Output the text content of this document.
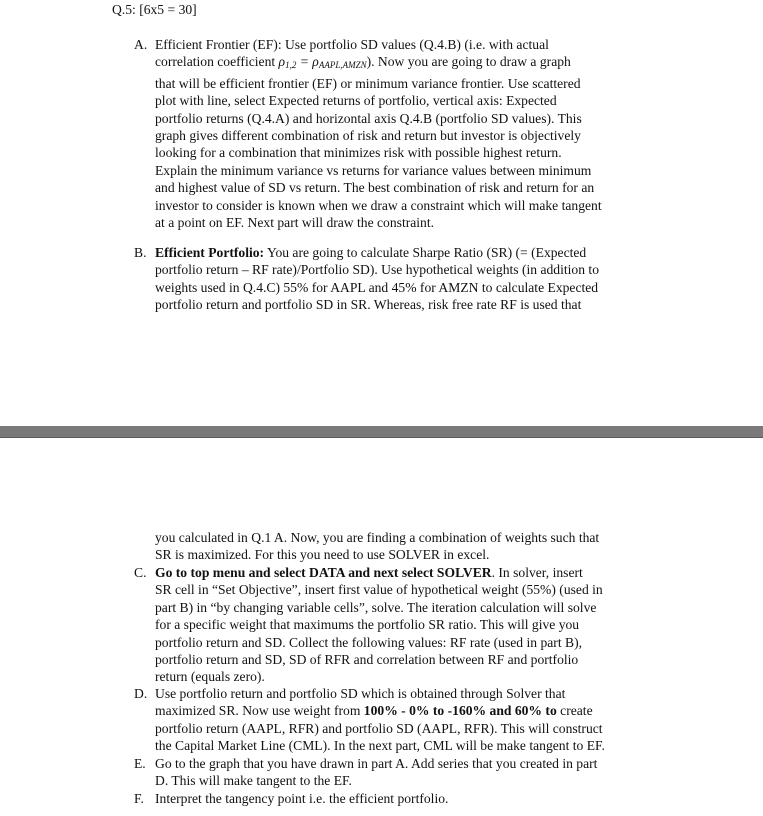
Q.5: [6x5 = 30]
A. Efficient Frontier (EF): Use portfolio SD values (Q.4.B) (i.e. with actual
correlation coefficient $\rho_{1,2} = \rho_{AAPL,AMZN}$). Now you are going to draw a graph
that will be efficient frontier (EF) or minimum variance frontier. Use scattered
plot with line, select Expected returns of portfolio, vertical axis: Expected
portfolio returns (Q.4.A) and horizontal axis Q.4.B (portfolio SD values). This
graph gives different combination of risk and return but investor is objectively
looking for a combination that minimizes risk with possible highest return.
Explain the minimum variance vs returns for variance values between minimum
and highest value of SD vs return. The best combination of risk and return for an
investor to consider is known when we draw a constraint which will make tangent
at a point on EF. Next part will draw the constraint.
B. Efficient Portfolio: You are going to calculate Sharpe Ratio (SR) (= (Expected
portfolio return – RF rate)/Portfolio SD). Use hypothetical weights (in addition to
weights used in Q.4.C) 55% for AAPL and 45% for AMZN to calculate Expected
portfolio return and portfolio SD in SR. Whereas, risk free rate RF is used that
you calculated in Q.1 A. Now, you are finding a combination of weights such that
SR is maximized. For this you need to use SOLVER in excel.
C. Go to top menu and select DATA and next select SOLVER. In solver, insert
SR cell in “Set Objective”, insert first value of hypothetical weight (55%) (used in
part B) in “by changing variable cells”, solve. The iteration calculation will solve
for a specific weight that maximums the portfolio SR ratio. This will give you
portfolio return and SD. Collect the following values: RF rate (used in part B),
portfolio return and SD, SD of RFR and correlation between RF and portfolio
return (equals zero).
D. Use portfolio return and portfolio SD which is obtained through Solver that
maximized SR. Now use weight from 100% - 0% to -160% and 60% to create
portfolio return (AAPL, RFR) and portfolio SD (AAPL, RFR). This will construct
the Capital Market Line (CML). In the next part, CML will be make tangent to EF.
E. Go to the graph that you have drawn in part A. Add series that you created in part
D. This will make tangent to the EF.
F. Interpret the tangency point i.e. the efficient portfolio.
